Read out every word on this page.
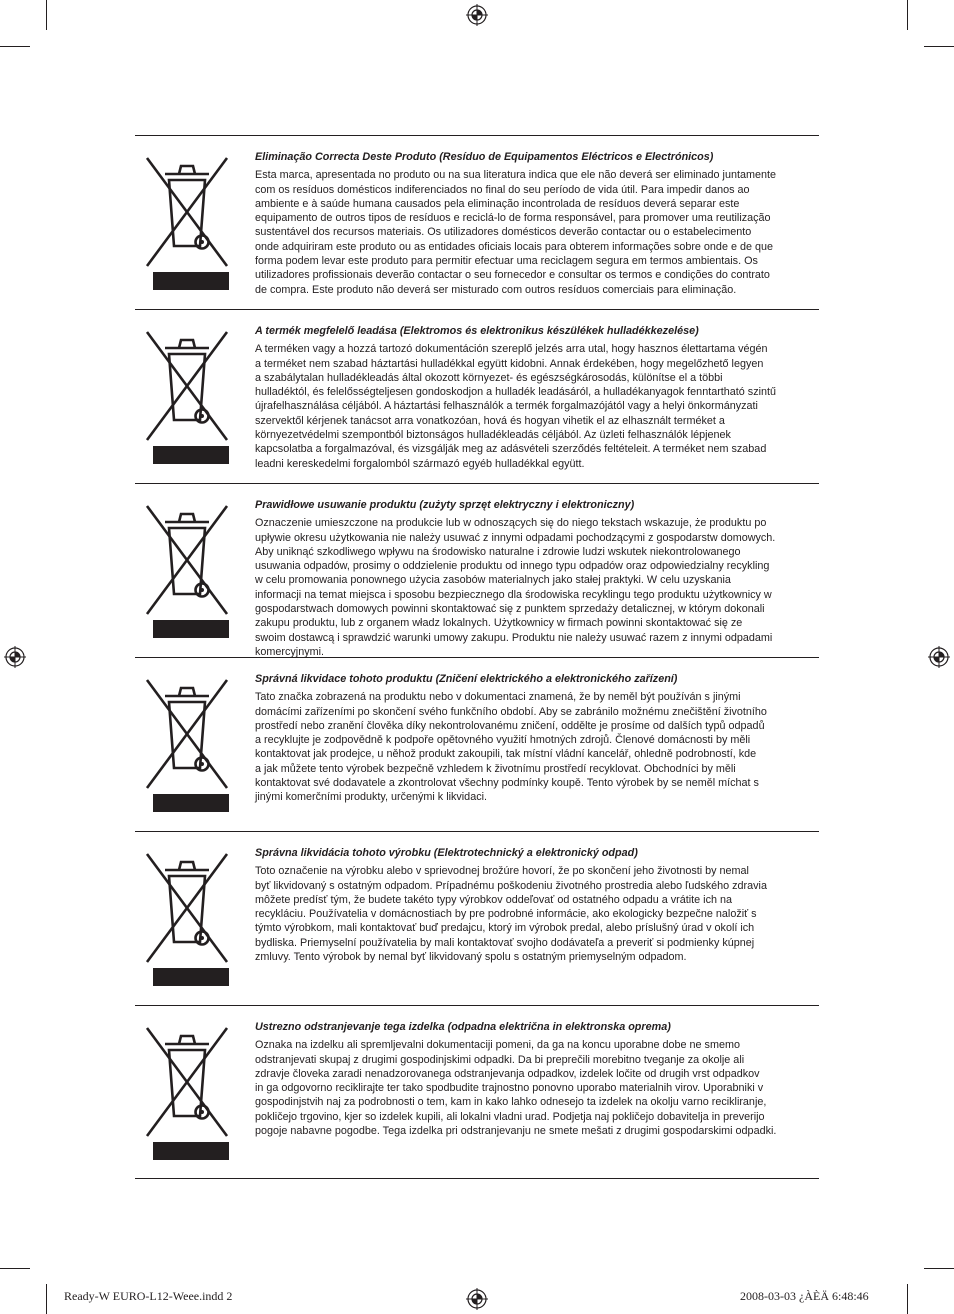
Eliminação Correcta Deste Produto (Resíduo de Equipamentos Eléctricos e Electrónicos)
Esta marca, apresentada no produto ou na sua literatura indica que ele não deverá ser eliminado juntamente
com os resíduos domésticos indiferenciados no final do seu período de vida útil. Para impedir danos ao
ambiente e à saúde humana causados pela eliminação incontrolada de resíduos deverá separar este
equipamento de outros tipos de resíduos e reciclá-lo de forma responsável, para promover uma reutilização
sustentável dos recursos materiais. Os utilizadores domésticos deverão contactar ou o estabelecimento
onde adquiriram este produto ou as entidades oficiais locais para obterem informações sobre onde e de que
forma podem levar este produto para permitir efectuar uma reciclagem segura em termos ambientais. Os
utilizadores profissionais deverão contactar o seu fornecedor e consultar os termos e condições do contrato
de compra. Este produto não deverá ser misturado com outros resíduos comerciais para eliminação.
A termék megfelelő leadása (Elektromos és elektronikus készülékek hulladékkezelése)
A terméken vagy a hozzá tartozó dokumentáción szereplő jelzés arra utal, hogy hasznos élettartama végén
a terméket nem szabad háztartási hulladékkal együtt kidobni. Annak érdekében, hogy megelőzhető legyen
a szabálytalan hulladékleadás által okozott környezet- és egészségkárosodás, különítse el a többi
hulladéktól, és felelősségteljesen gondoskodjon a hulladék leadásáról, a hulladékanyagok fenntartható szintű
újrafelhasználása céljából. A háztartási felhasználók a termék forgalmazójától vagy a helyi önkormányzati
szervektől kérjenek tanácsot arra vonatkozóan, hová és hogyan vihetik el az elhasznált terméket a
környezetvédelmi szempontból biztonságos hulladékleadás céljából. Az üzleti felhasználók lépjenek
kapcsolatba a forgalmazóval, és vizsgálják meg az adásvételi szerződés feltételeit. A terméket nem szabad
leadni kereskedelmi forgalomból származó egyéb hulladékkal együtt.
Prawidłowe usuwanie produktu (zużyty sprzęt elektryczny i elektroniczny)
Oznaczenie umieszczone na produkcie lub w odnoszących się do niego tekstach wskazuje, że produktu po
upływie okresu użytkowania nie należy usuwać z innymi odpadami pochodzącymi z gospodarstw domowych.
Aby uniknąć szkodliwego wpływu na środowisko naturalne i zdrowie ludzi wskutek niekontrolowanego
usuwania odpadów, prosimy o oddzielenie produktu od innego typu odpadów oraz odpowiedzialny recykling
w celu promowania ponownego użycia zasobów materialnych jako stałej praktyki. W celu uzyskania
informacji na temat miejsca i sposobu bezpiecznego dla środowiska recyklingu tego produktu użytkownicy w
gospodarstwach domowych powinni skontaktować się z punktem sprzedaży detalicznej, w którym dokonali
zakupu produktu, lub z organem władz lokalnych. Użytkownicy w firmach powinni skontaktować się ze
swoim dostawcą i sprawdzić warunki umowy zakupu. Produktu nie należy usuwać razem z innymi odpadami
komercyjnymi.
Správná likvidace tohoto produktu (Zničení elektrického a elektronického zařízení)
Tato značka zobrazená na produktu nebo v dokumentaci znamená, že by neměl být používán s jinými
domácími zařízeními po skončení svého funkčního období. Aby se zabránilo možnému znečištění životního
prostředí nebo zranění člověka díky nekontrolovanému zničení, oddělte je prosíme od dalších typů odpadů
a recyklujte je zodpovědně k podpoře opětovného využití hmotných zdrojů. Členové domácnosti by měli
kontaktovat jak prodejce, u něhož produkt zakoupili, tak místní vládní kancelář, ohledně podrobností, kde
a jak můžete tento výrobek bezpečně vzhledem k životnímu prostředí recyklovat. Obchodníci by měli
kontaktovat své dodavatele a zkontrolovat všechny podmínky koupě. Tento výrobek by se neměl míchat s
jinými komerčními produkty, určenými k likvidaci.
Správna likvidácia tohoto výrobku (Elektrotechnický a elektronický odpad)
Toto označenie na výrobku alebo v sprievodnej brožúre hovorí, že po skončení jeho životnosti by nemal
byť likvidovaný s ostatným odpadom. Prípadnému poškodeniu životného prostredia alebo ľudského zdravia
môžete predísť tým, že budete takéto typy výrobkov oddeľovať od ostatného odpadu a vrátite ich na
recykláciu. Používatelia v domácnostiach by pre podrobné informácie, ako ekologicky bezpečne naložiť s
týmto výrobkom, mali kontaktovať buď predajcu, ktorý im výrobok predal, alebo príslušný úrad v okolí ich
bydliska. Priemyselní používatelia by mali kontaktovať svojho dodávateľa a preveriť si podmienky kúpnej
zmluvy. Tento výrobok by nemal byť likvidovaný spolu s ostatným priemyselným odpadom.
Ustrezno odstranjevanje tega izdelka (odpadna električna in elektronska oprema)
Oznaka na izdelku ali spremljevalni dokumentaciji pomeni, da ga na koncu uporabne dobe ne smemo
odstranjevati skupaj z drugimi gospodinjskimi odpadki. Da bi preprečili morebitno tveganje za okolje ali
zdravje človeka zaradi nenadzorovanega odstranjevanja odpadkov, izdelek ločite od drugih vrst odpadkov
in ga odgovorno reciklirajte ter tako spodbudite trajnostno ponovno uporabo materialnih virov. Uporabniki v
gospodinjstvih naj za podrobnosti o tem, kam in kako lahko odnesejo ta izdelek na okolju varno recikliranje,
pokličejo trgovino, kjer so izdelek kupili, ali lokalni vladni urad. Podjetja naj pokličejo dobavitelja in preverijo
pogoje nabavne pogodbe. Tega izdelka pri odstranjevanju ne smete mešati z drugimi gospodarskimi odpadki.
Ready-W EURO-L12-Weee.indd 2	2008-03-03 ¿ÀÈÄ 6:48:46
